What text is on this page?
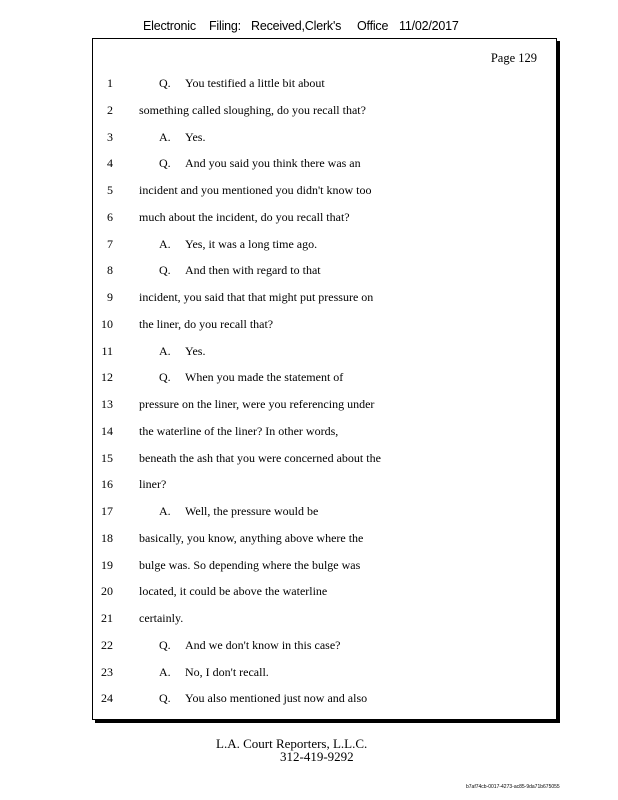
Electronic Filing: Received,Clerk's Office 11/02/2017
Page 129
1	Q. You testified a little bit about
2 something called sloughing, do you recall that?
3	A. Yes.
4	Q. And you said you think there was an
5 incident and you mentioned you didn't know too
6 much about the incident, do you recall that?
7	A. Yes, it was a long time ago.
8	Q. And then with regard to that
9 incident, you said that that might put pressure on
10 the liner, do you recall that?
11	A. Yes.
12	Q. When you made the statement of
13 pressure on the liner, were you referencing under
14 the waterline of the liner? In other words,
15 beneath the ash that you were concerned about the
16 liner?
17	A. Well, the pressure would be
18 basically, you know, anything above where the
19 bulge was. So depending where the bulge was
20 located, it could be above the waterline
21 certainly.
22	Q. And we don't know in this case?
23	A. No, I don't recall.
24	Q. You also mentioned just now and also
L.A. Court Reporters, L.L.C.
312-419-9292
b7af74cb-0017-4273-ac85-9da71b675055
